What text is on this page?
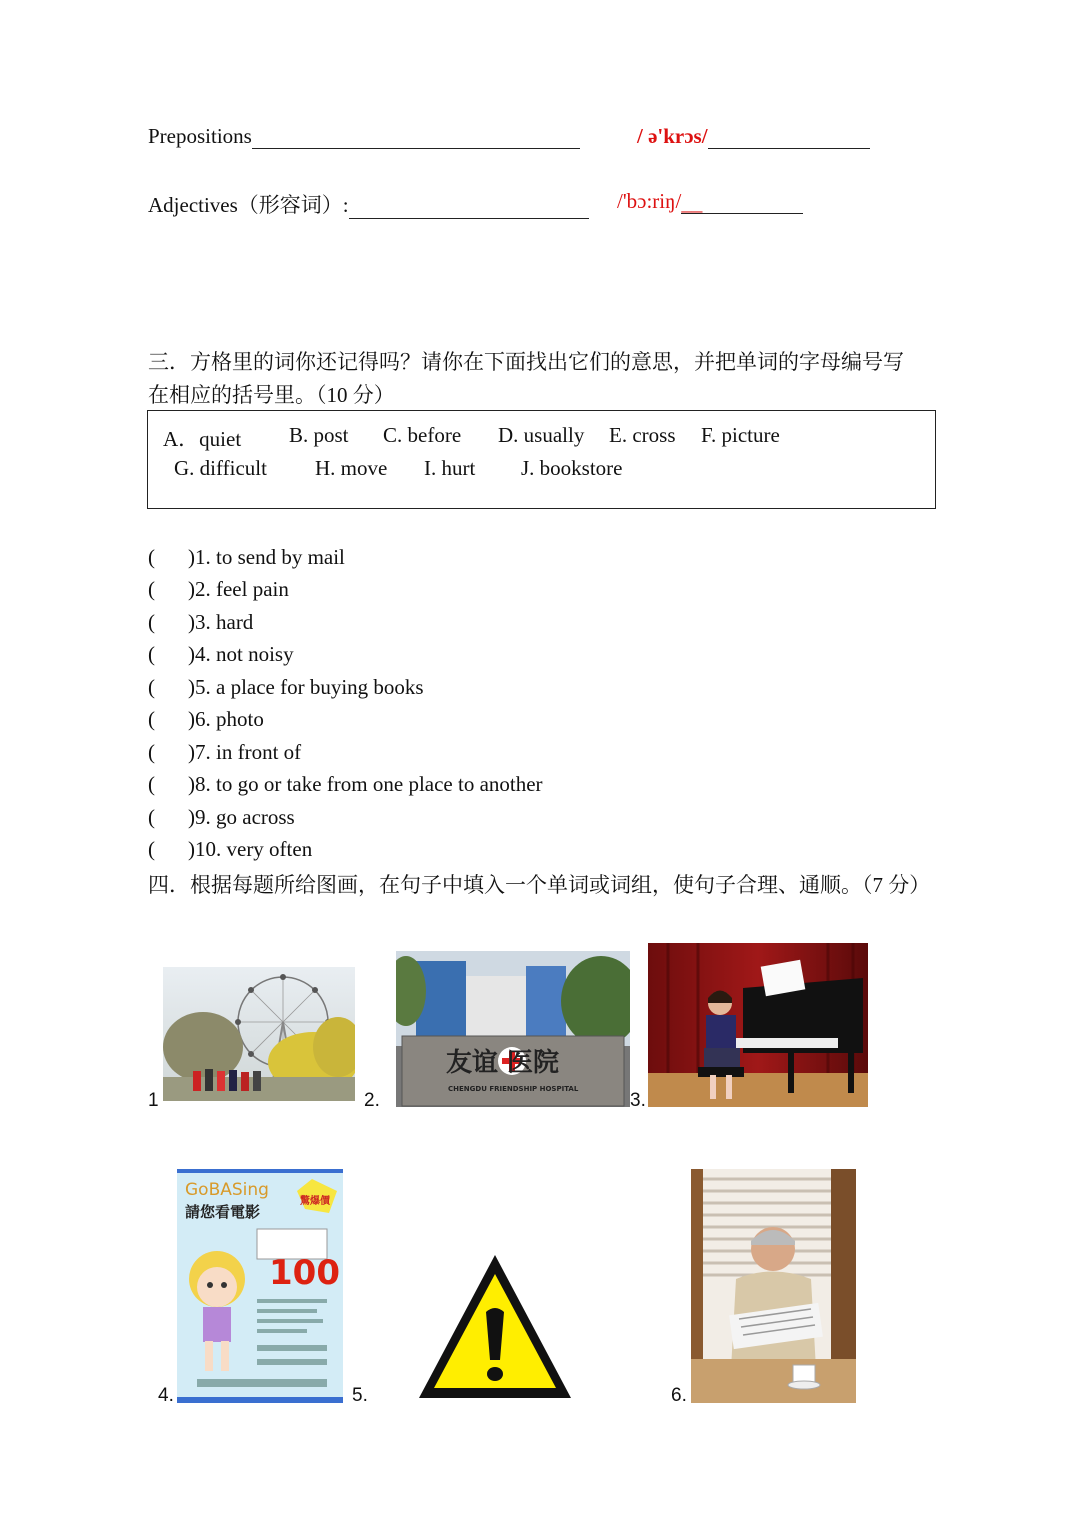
Prepositions	/ ə'krɔs/
Adjectives（形容词）:	/'bɔ:riŋ/__
三．方格里的词你还记得吗？请你在下面找出它们的意思，并把单词的字母编号写
在相应的括号里。（10 分）
A．quiet B. post C. before D. usually E. cross F. picture
G. difficult H. move I. hurt J. bookstore
( )1. to send by mail
( )2. feel pain
( )3. hard
( )4. not noisy
( )5. a place for buying books
( )6. photo
( )7. in front of
( )8. to go or take from one place to another
( )9. go across
( )10. very often
四．根据每题所给图画，在句子中填入一个单词或词组，使句子合理、通顺。（7 分）
1
友谊 医院
CHENGDU FRIENDSHIP HOSPITAL
2.	3.
GoBASing
請您看電影
驚爆價
100
4.	5.	6.
